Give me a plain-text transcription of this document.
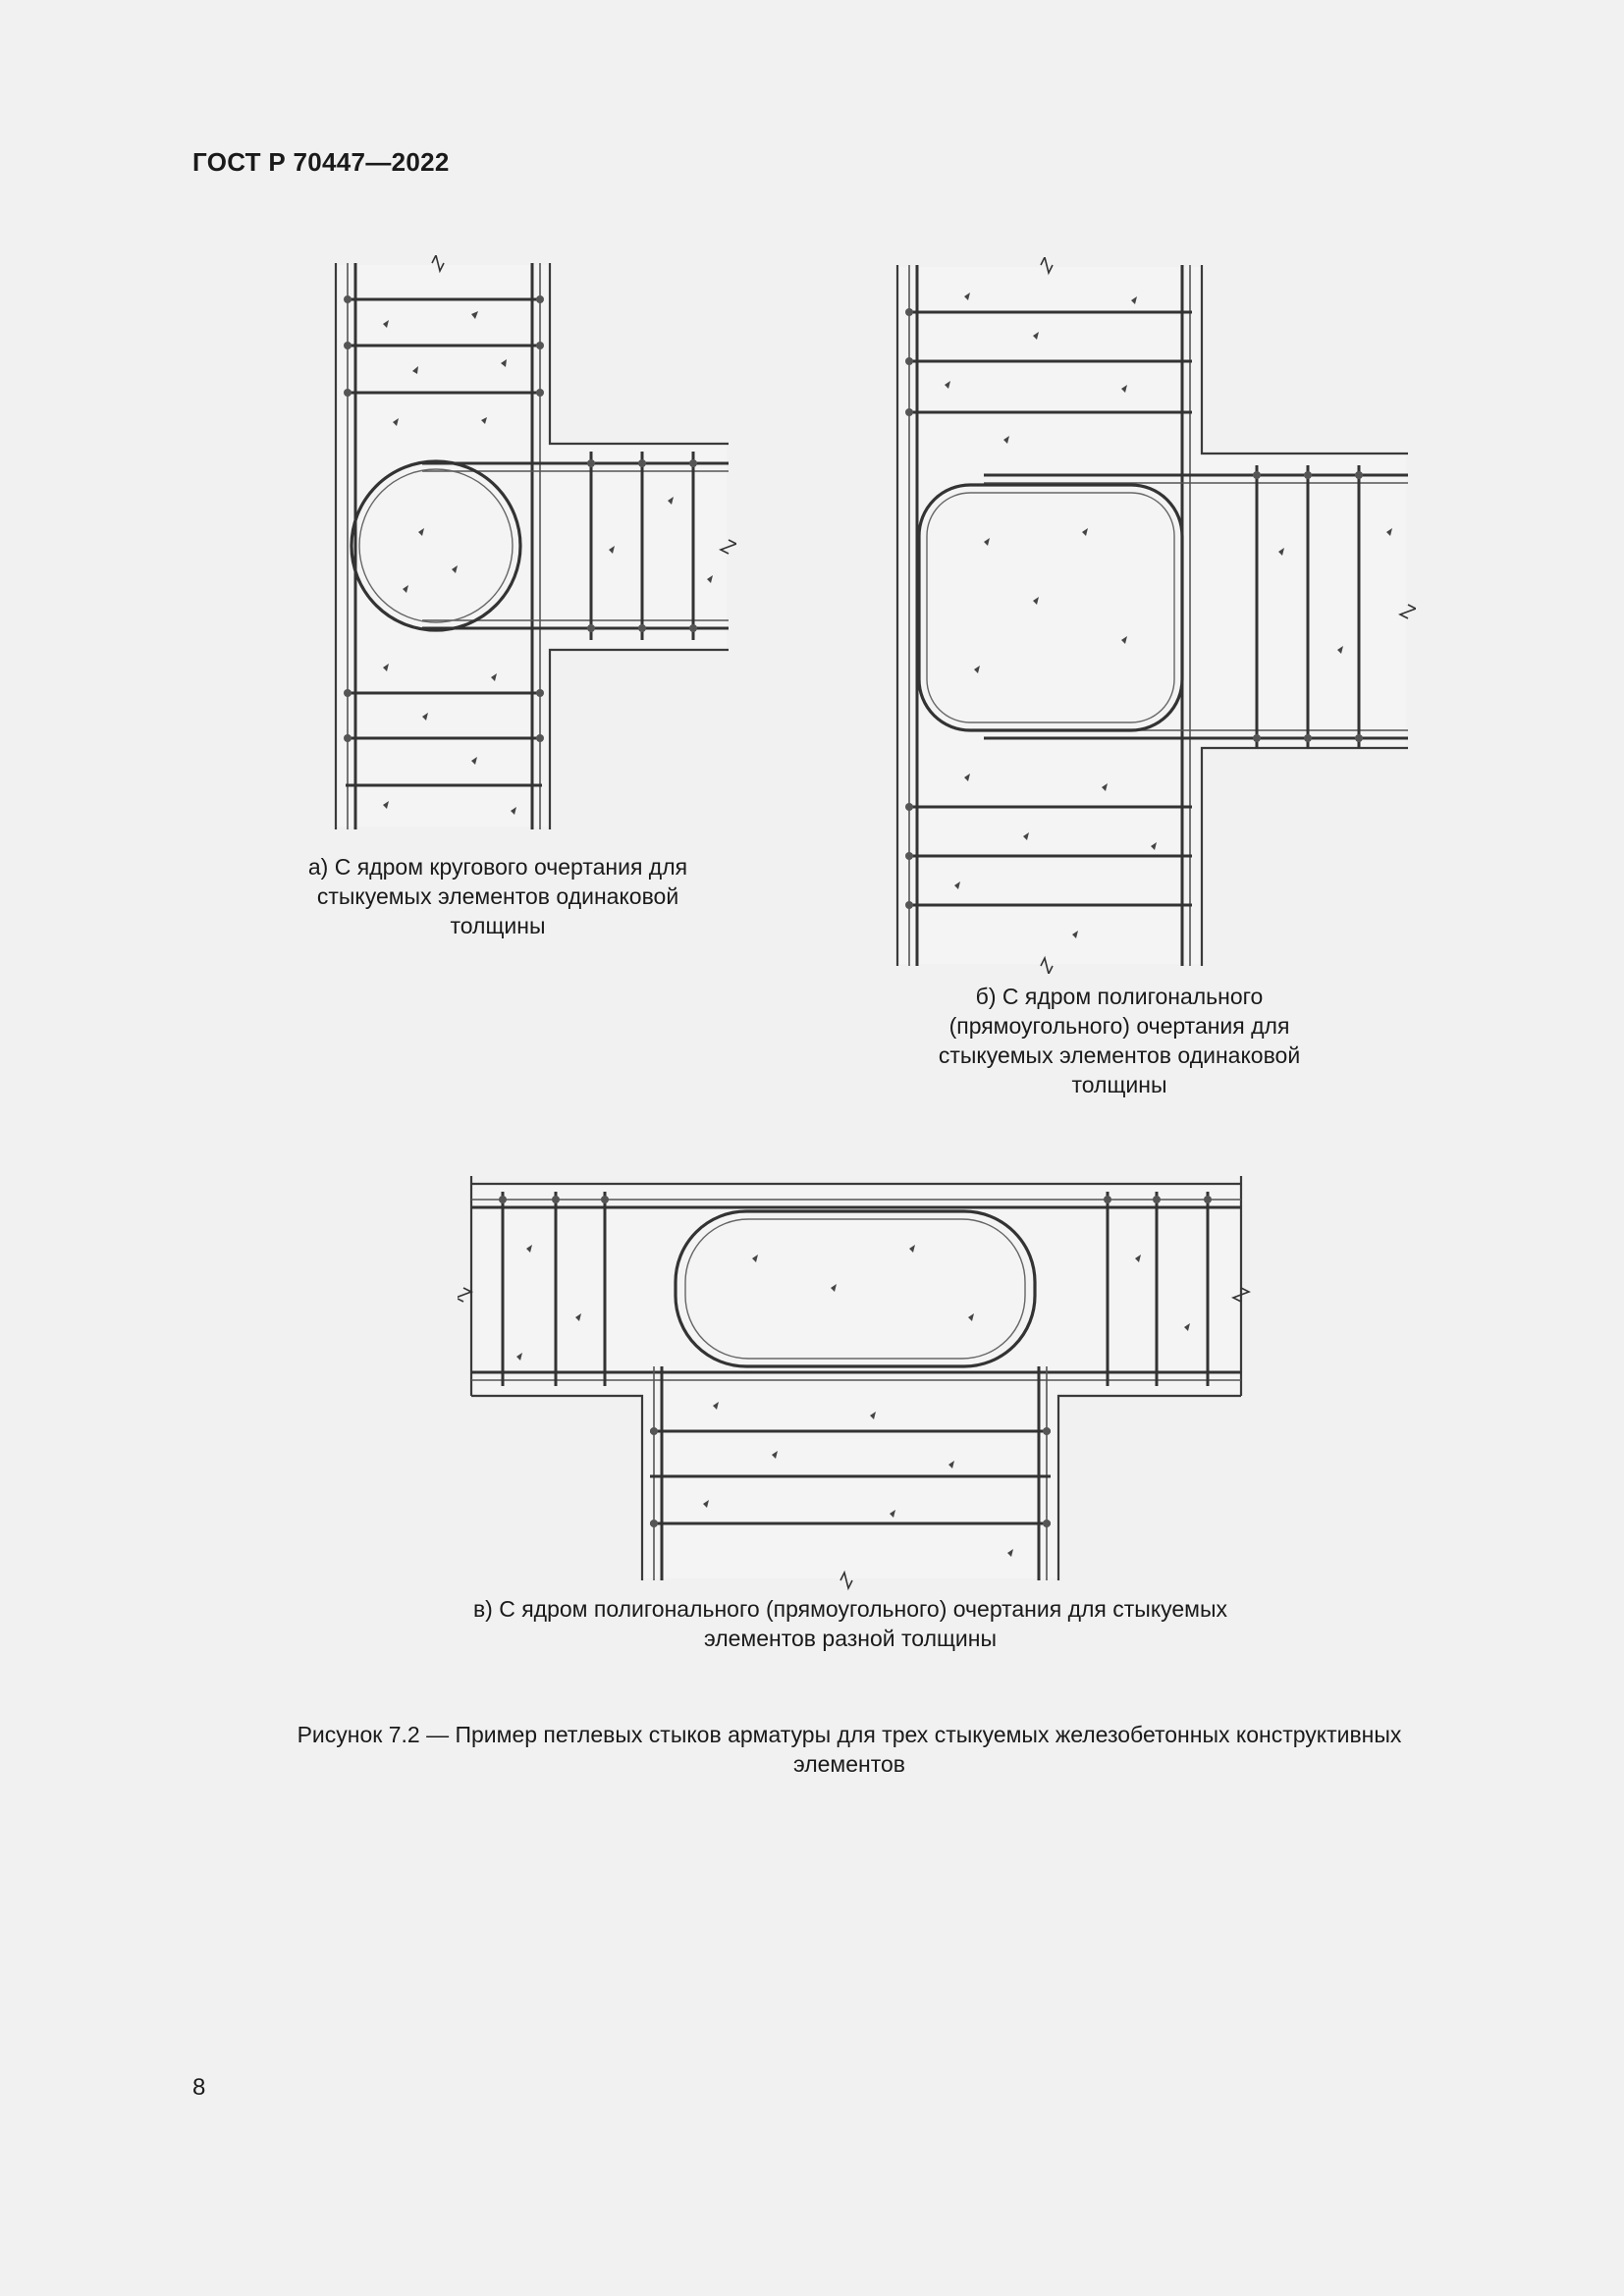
ГОСТ Р 70447—2022
а) С ядром кругового очертания для
стыкуемых элементов одинаковой
толщины
б) С ядром полигонального
(прямоугольного) очертания для
стыкуемых элементов одинаковой
толщины
в) С ядром полигонального (прямоугольного) очертания для стыкуемых
элементов разной толщины
Рисунок 7.2 — Пример петлевых стыков арматуры для трех стыкуемых железобетонных конструктивных
элементов
8
